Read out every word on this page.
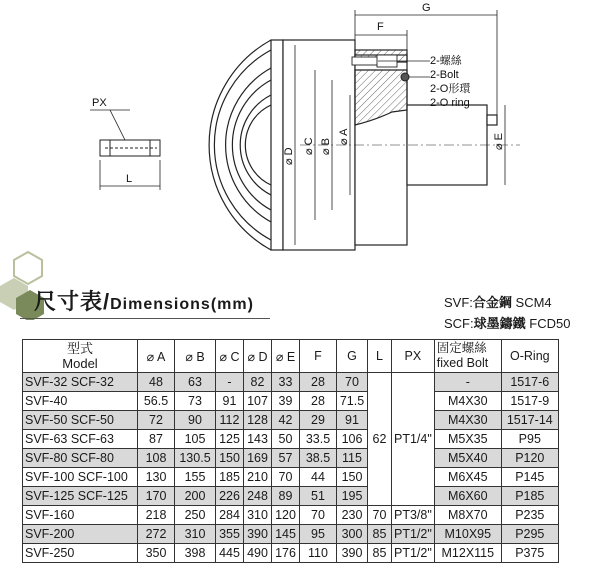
PX
L
F
G
⌀ D
⌀ C ⌀ B
⌀ A	⌀ E
2-螺絲
2-Bolt
2-O形環
2-O ring
尺寸表/Dimensions(mm)	SVF:合金鋼 SCM4
SCF:球墨鑄鐵 FCD50
型式
Model	⌀ A	⌀ B	⌀ C	⌀ D	⌀ E	F	G	L	PX	固定螺絲
fixed Bolt	O-Ring
SVF-32 SCF-32	48	63	-	82	33	28	70	62	PT1/4"	-	1517-6
SVF-40	56.5	73	91	107	39	28	71.5			M4X30	1517-9
SVF-50 SCF-50	72	90	112	128	42	29	91			M4X30	1517-14
SVF-63 SCF-63	87	105	125	143	50	33.5	106			M5X35	P95
SVF-80 SCF-80	108	130.5	150	169	57	38.5	115			M5X40	P120
SVF-100 SCF-100	130	155	185	210	70	44	150			M6X45	P145
SVF-125 SCF-125	170	200	226	248	89	51	195			M6X60	P185
SVF-160	218	250	284	310	120	70	230	70	PT3/8"	M8X70	P235
SVF-200	272	310	355	390	145	95	300	85	PT1/2"	M10X95	P295
SVF-250	350	398	445	490	176	110	390	85	PT1/2"	M12X115	P375
